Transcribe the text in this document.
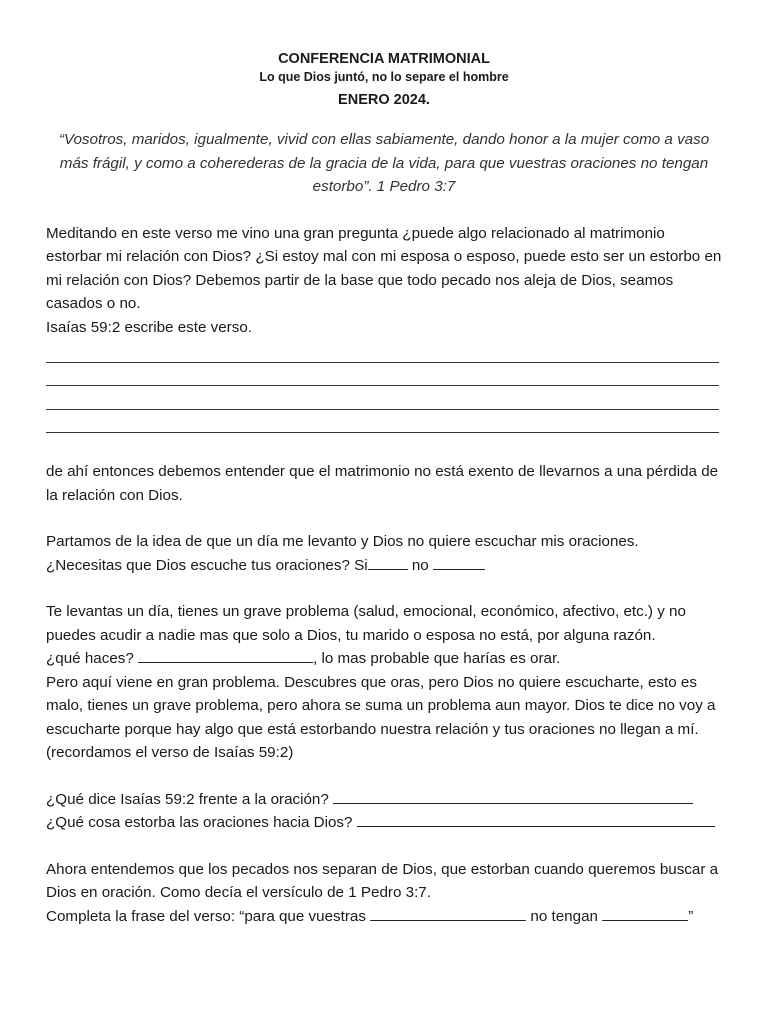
CONFERENCIA MATRIMONIAL
Lo que Dios juntó, no lo separe el hombre
ENERO 2024.
“Vosotros, maridos, igualmente, vivid con ellas sabiamente, dando honor a la mujer como a vaso más frágil, y como a coherederas de la gracia de la vida, para que vuestras oraciones no tengan estorbo”. 1 Pedro 3:7

Meditando en este verso me vino una gran pregunta ¿puede algo relacionado al matrimonio estorbar mi relación con Dios? ¿Si estoy mal con mi esposa o esposo, puede esto ser un estorbo en mi relación con Dios? Debemos partir de la base que todo pecado nos aleja de Dios, seamos casados o no.

Isaías 59:2 escribe este verso.

de ahí entonces debemos entender que el matrimonio no está exento de llevarnos a una pérdida de la relación con Dios.

Partamos de la idea de que un día me levanto y Dios no quiere escuchar mis oraciones.

¿Necesitas que Dios escuche tus oraciones? Si	no

Te levantas un día, tienes un grave problema (salud, emocional, económico, afectivo, etc.) y no puedes acudir a nadie mas que solo a Dios, tu marido o esposa no está, por alguna razón.

¿qué haces?	, lo mas probable que harías es orar.

Pero aquí viene en gran problema. Descubres que oras, pero Dios no quiere escucharte, esto es malo, tienes un grave problema, pero ahora se suma un problema aun mayor. Dios te dice no voy a escucharte porque hay algo que está estorbando nuestra relación y tus oraciones no llegan a mí. (recordamos el verso de Isaías 59:2)

¿Qué dice Isaías 59:2 frente a la oración?

¿Qué cosa estorba las oraciones hacia Dios?

Ahora entendemos que los pecados nos separan de Dios, que estorban cuando queremos buscar a Dios en oración. Como decía el versículo de 1 Pedro 3:7.

Completa la frase del verso: “para que vuestras	no tengan	”
